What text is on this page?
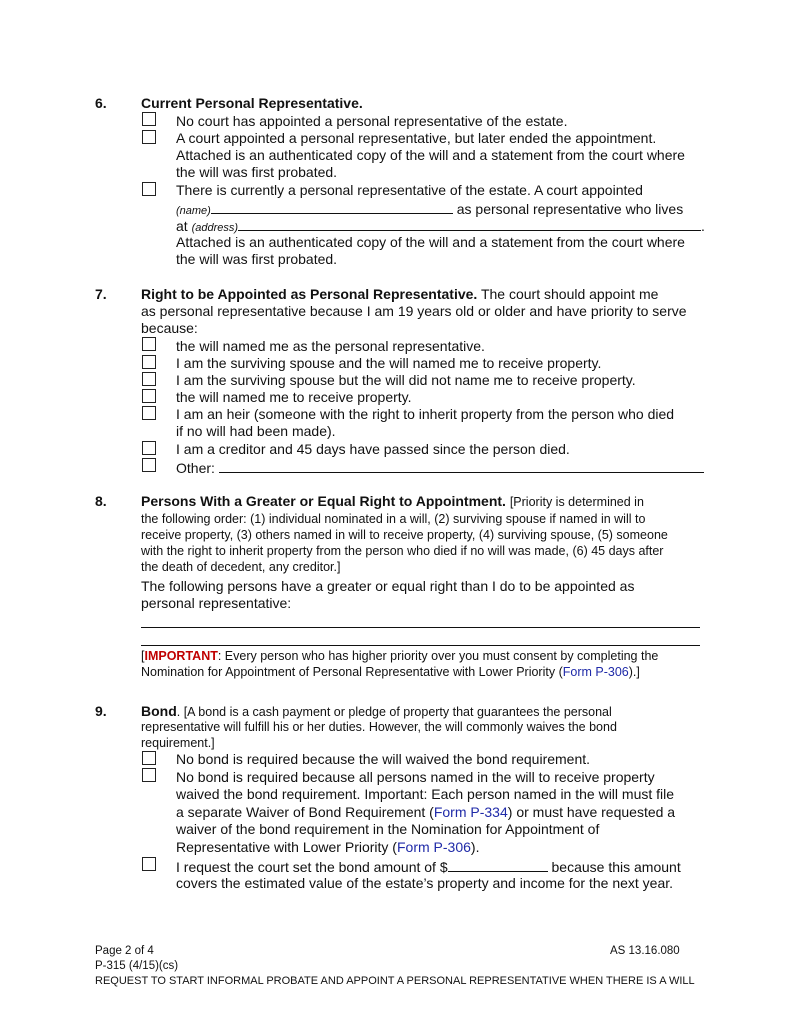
6. Current Personal Representative.
No court has appointed a personal representative of the estate.
A court appointed a personal representative, but later ended the appointment.
Attached is an authenticated copy of the will and a statement from the court where
the will was first probated.
There is currently a personal representative of the estate. A court appointed
(name)	as personal representative who lives
at (address)	.
Attached is an authenticated copy of the will and a statement from the court where
the will was first probated.
7. Right to be Appointed as Personal Representative. The court should appoint me
as personal representative because I am 19 years old or older and have priority to serve
because:
the will named me as the personal representative.
I am the surviving spouse and the will named me to receive property.
I am the surviving spouse but the will did not name me to receive property.
the will named me to receive property.
I am an heir (someone with the right to inherit property from the person who died
if no will had been made).
I am a creditor and 45 days have passed since the person died.
Other:
8. Persons With a Greater or Equal Right to Appointment. [Priority is determined in
the following order: (1) individual nominated in a will, (2) surviving spouse if named in will to
receive property, (3) others named in will to receive property, (4) surviving spouse, (5) someone
with the right to inherit property from the person who died if no will was made, (6) 45 days after
the death of decedent, any creditor.]
The following persons have a greater or equal right than I do to be appointed as
personal representative:
[IMPORTANT: Every person who has higher priority over you must consent by completing the
Nomination for Appointment of Personal Representative with Lower Priority (Form P-306).]
9. Bond. [A bond is a cash payment or pledge of property that guarantees the personal
representative will fulfill his or her duties. However, the will commonly waives the bond
requirement.]
No bond is required because the will waived the bond requirement.
No bond is required because all persons named in the will to receive property
waived the bond requirement. Important: Each person named in the will must file
a separate Waiver of Bond Requirement (Form P-334) or must have requested a
waiver of the bond requirement in the Nomination for Appointment of
Representative with Lower Priority (Form P-306).
I request the court set the bond amount of $	because this amount
covers the estimated value of the estate’s property and income for the next year.
Page 2 of 4	AS 13.16.080
P-315 (4/15)(cs)
REQUEST TO START INFORMAL PROBATE AND APPOINT A PERSONAL REPRESENTATIVE WHEN THERE IS A WILL
